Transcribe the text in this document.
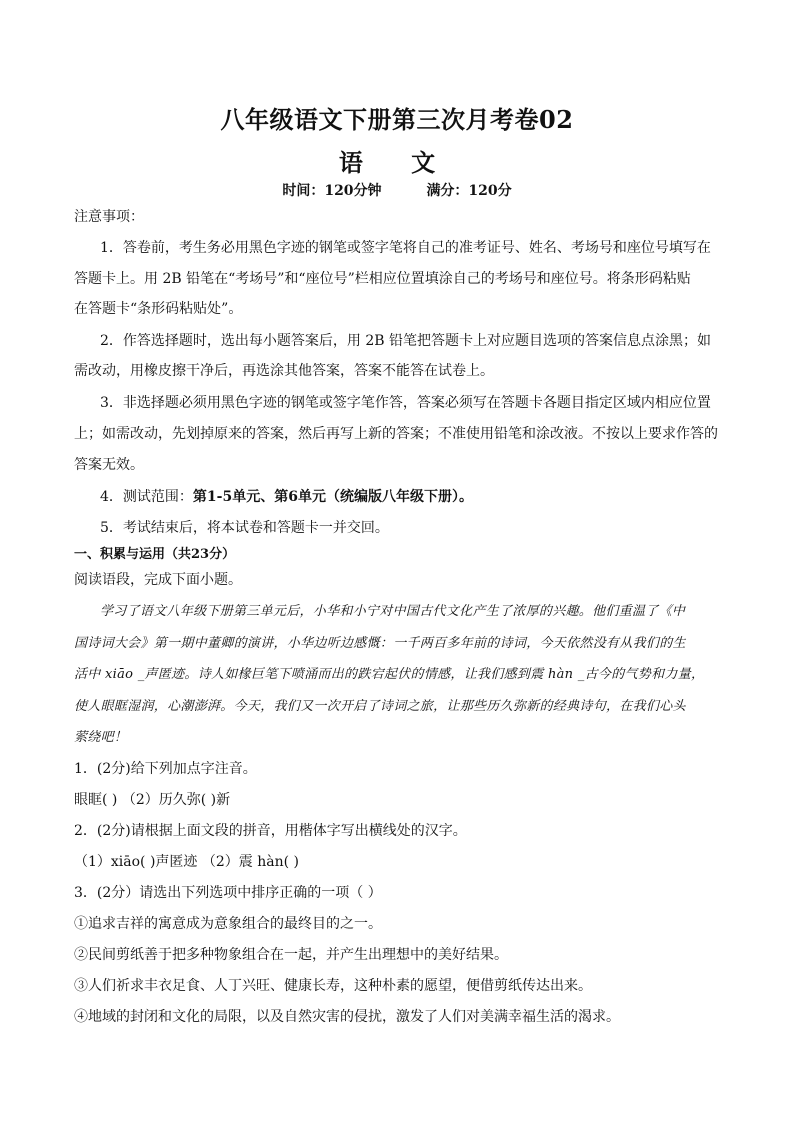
八年级语文下册第三次月考卷02
语 文
时间：120分钟	满分：120分
注意事项：
1．答卷前，考生务必用黑色字迹的钢笔或签字笔将自己的准考证号、姓名、考场号和座位号填写在
答题卡上。用 2B 铅笔在“考场号”和“座位号”栏相应位置填涂自己的考场号和座位号。将条形码粘贴
在答题卡“条形码粘贴处”。
2．作答选择题时，选出每小题答案后，用 2B 铅笔把答题卡上对应题目选项的答案信息点涂黑；如
需改动，用橡皮擦干净后，再选涂其他答案，答案不能答在试卷上。
3．非选择题必须用黑色字迹的钢笔或签字笔作答，答案必须写在答题卡各题目指定区域内相应位置
上；如需改动，先划掉原来的答案，然后再写上新的答案；不准使用铅笔和涂改液。不按以上要求作答的
答案无效。
4．测试范围：第1-5单元、第6单元（统编版八年级下册）。
5．考试结束后，将本试卷和答题卡一并交回。
一、积累与运用（共23分）
阅读语段，完成下面小题。
学习了语文八年级下册第三单元后，小华和小宁对中国古代文化产生了浓厚的兴趣。他们重温了《中
国诗词大会》第一期中董卿的演讲，小华边听边感慨：一千两百多年前的诗词，今天依然没有从我们的生
活中 xiāo _声匿迹。诗人如椽巨笔下喷涌而出的跌宕起伏的情感，让我们感到震 hàn _古今的气势和力量，
使人眼眶湿润，心潮澎湃。今天，我们又一次开启了诗词之旅，让那些历久弥新的经典诗句，在我们心头
萦绕吧！
1．(2分)给下列加点字注音。
眼眶( ) （2）历久弥( )新
2．(2分)请根据上面文段的拼音，用楷体字写出横线处的汉字。
（1）xiāo( )声匿迹 （2）震 hàn( )
3．(2分）请选出下列选项中排序正确的一项（ ）
①追求吉祥的寓意成为意象组合的最终目的之一。
②民间剪纸善于把多种物象组合在一起，并产生出理想中的美好结果。
③人们祈求丰衣足食、人丁兴旺、健康长寿，这种朴素的愿望，便借剪纸传达出来。
④地域的封闭和文化的局限，以及自然灾害的侵扰，激发了人们对美满幸福生活的渴求。
